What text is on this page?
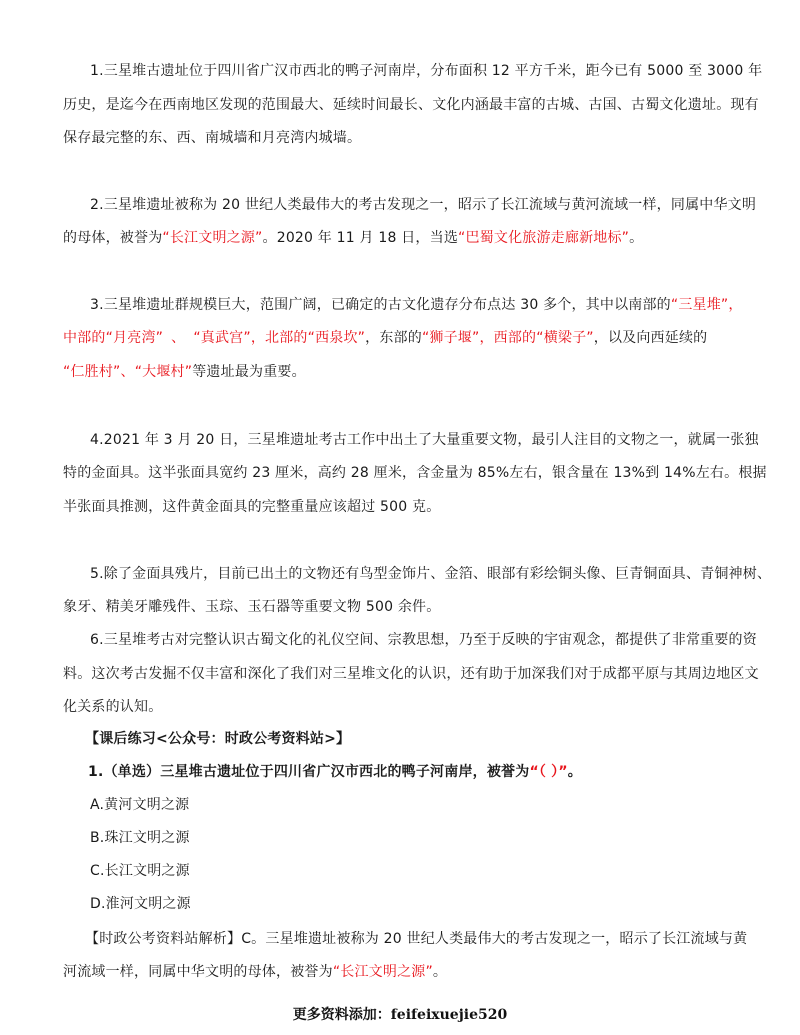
1.三星堆古遗址位于四川省广汉市西北的鸭子河南岸，分布面积 12 平方千米，距今已有 5000 至 3000 年
历史，是迄今在西南地区发现的范围最大、延续时间最长、文化内涵最丰富的古城、古国、古蜀文化遗址。现有
保存最完整的东、西、南城墙和月亮湾内城墙。
2.三星堆遗址被称为 20 世纪人类最伟大的考古发现之一，昭示了长江流域与黄河流域一样，同属中华文明
的母体，被誉为“长江文明之源”。2020 年 11 月 18 日，当选“巴蜀文化旅游走廊新地标”。
3.三星堆遗址群规模巨大，范围广阔，已确定的古文化遗存分布点达 30 多个，其中以南部的“三星堆”，
中部的“月亮湾” 、 “真武宫”，北部的“西泉坎”，东部的“狮子堰”，西部的“横梁子”，以及向西延续的
“仁胜村”、“大堰村”等遗址最为重要。
4.2021 年 3 月 20 日，三星堆遗址考古工作中出土了大量重要文物，最引人注目的文物之一，就属一张独
特的金面具。这半张面具宽约 23 厘米，高约 28 厘米，含金量为 85%左右，银含量在 13%到 14%左右。根据
半张面具推测，这件黄金面具的完整重量应该超过 500 克。
5.除了金面具残片，目前已出土的文物还有鸟型金饰片、金箔、眼部有彩绘铜头像、巨青铜面具、青铜神树、
象牙、精美牙雕残件、玉琮、玉石器等重要文物 500 余件。
6.三星堆考古对完整认识古蜀文化的礼仪空间、宗教思想，乃至于反映的宇宙观念，都提供了非常重要的资
料。这次考古发掘不仅丰富和深化了我们对三星堆文化的认识，还有助于加深我们对于成都平原与其周边地区文
化关系的认知。
【课后练习<公众号：时政公考资料站>】
1.（单选）三星堆古遗址位于四川省广汉市西北的鸭子河南岸，被誉为“（ ）”。
A.黄河文明之源
B.珠江文明之源
C.长江文明之源
D.淮河文明之源
【时政公考资料站解析】C。三星堆遗址被称为 20 世纪人类最伟大的考古发现之一，昭示了长江流域与黄
河流域一样，同属中华文明的母体，被誉为“长江文明之源”。
更多资料添加：feifeixuejie520
